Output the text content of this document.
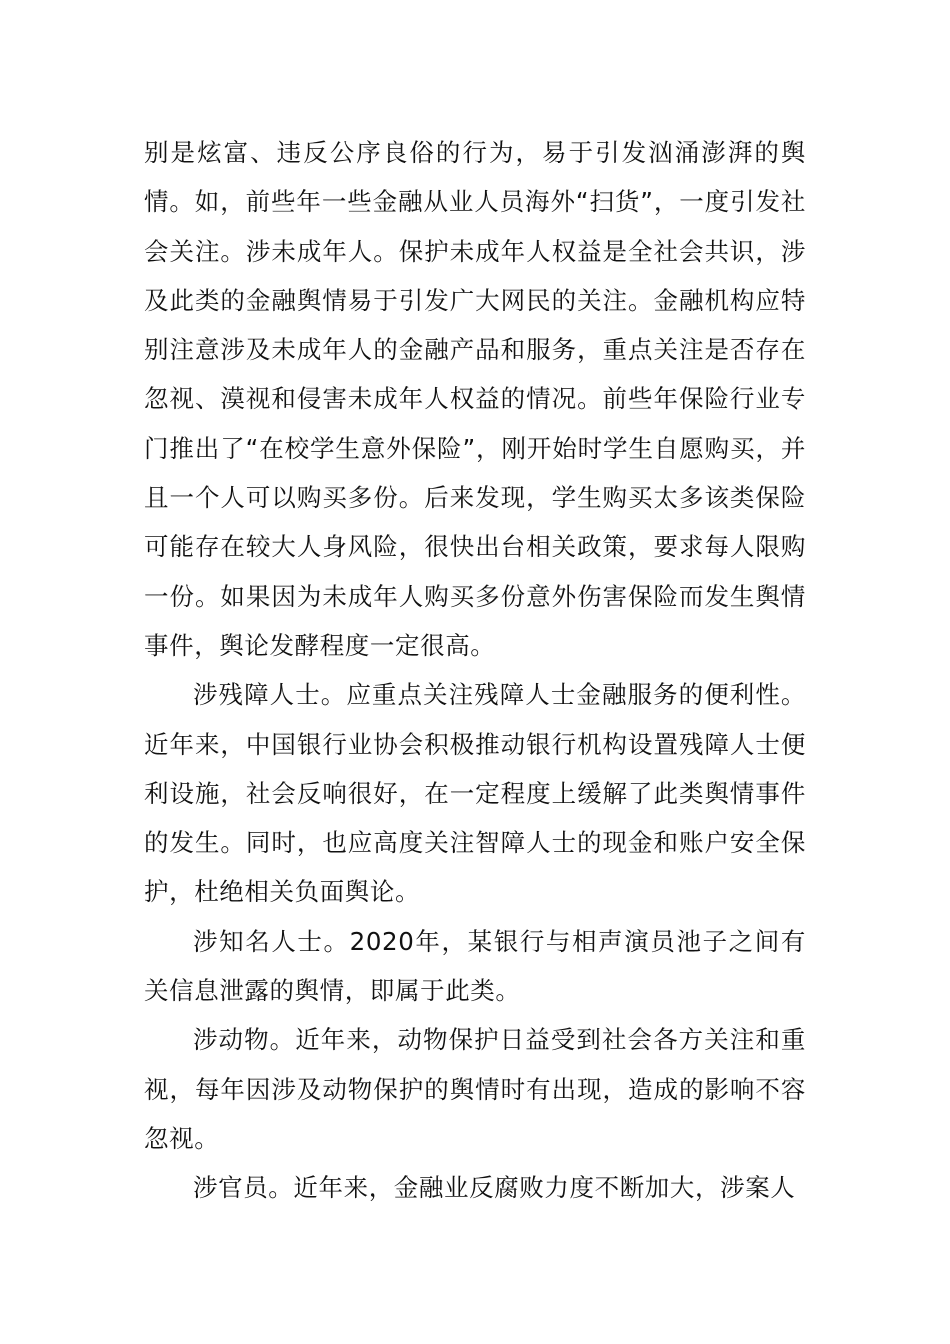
别是炫富、违反公序良俗的行为，易于引发汹涌澎湃的舆情。如，前些年一些金融从业人员海外“扫货”，一度引发社会关注。涉未成年人。保护未成年人权益是全社会共识，涉及此类的金融舆情易于引发广大网民的关注。金融机构应特别注意涉及未成年人的金融产品和服务，重点关注是否存在忽视、漠视和侵害未成年人权益的情况。前些年保险行业专门推出了“在校学生意外保险”，刚开始时学生自愿购买，并且一个人可以购买多份。后来发现，学生购买太多该类保险可能存在较大人身风险，很快出台相关政策，要求每人限购一份。如果因为未成年人购买多份意外伤害保险而发生舆情事件，舆论发酵程度一定很高。

涉残障人士。应重点关注残障人士金融服务的便利性。近年来，中国银行业协会积极推动银行机构设置残障人士便利设施，社会反响很好，在一定程度上缓解了此类舆情事件的发生。同时，也应高度关注智障人士的现金和账户安全保护，杜绝相关负面舆论。

涉知名人士。2020年，某银行与相声演员池子之间有关信息泄露的舆情，即属于此类。

涉动物。近年来，动物保护日益受到社会各方关注和重视，每年因涉及动物保护的舆情时有出现，造成的影响不容忽视。

涉官员。近年来，金融业反腐败力度不断加大，涉案人
